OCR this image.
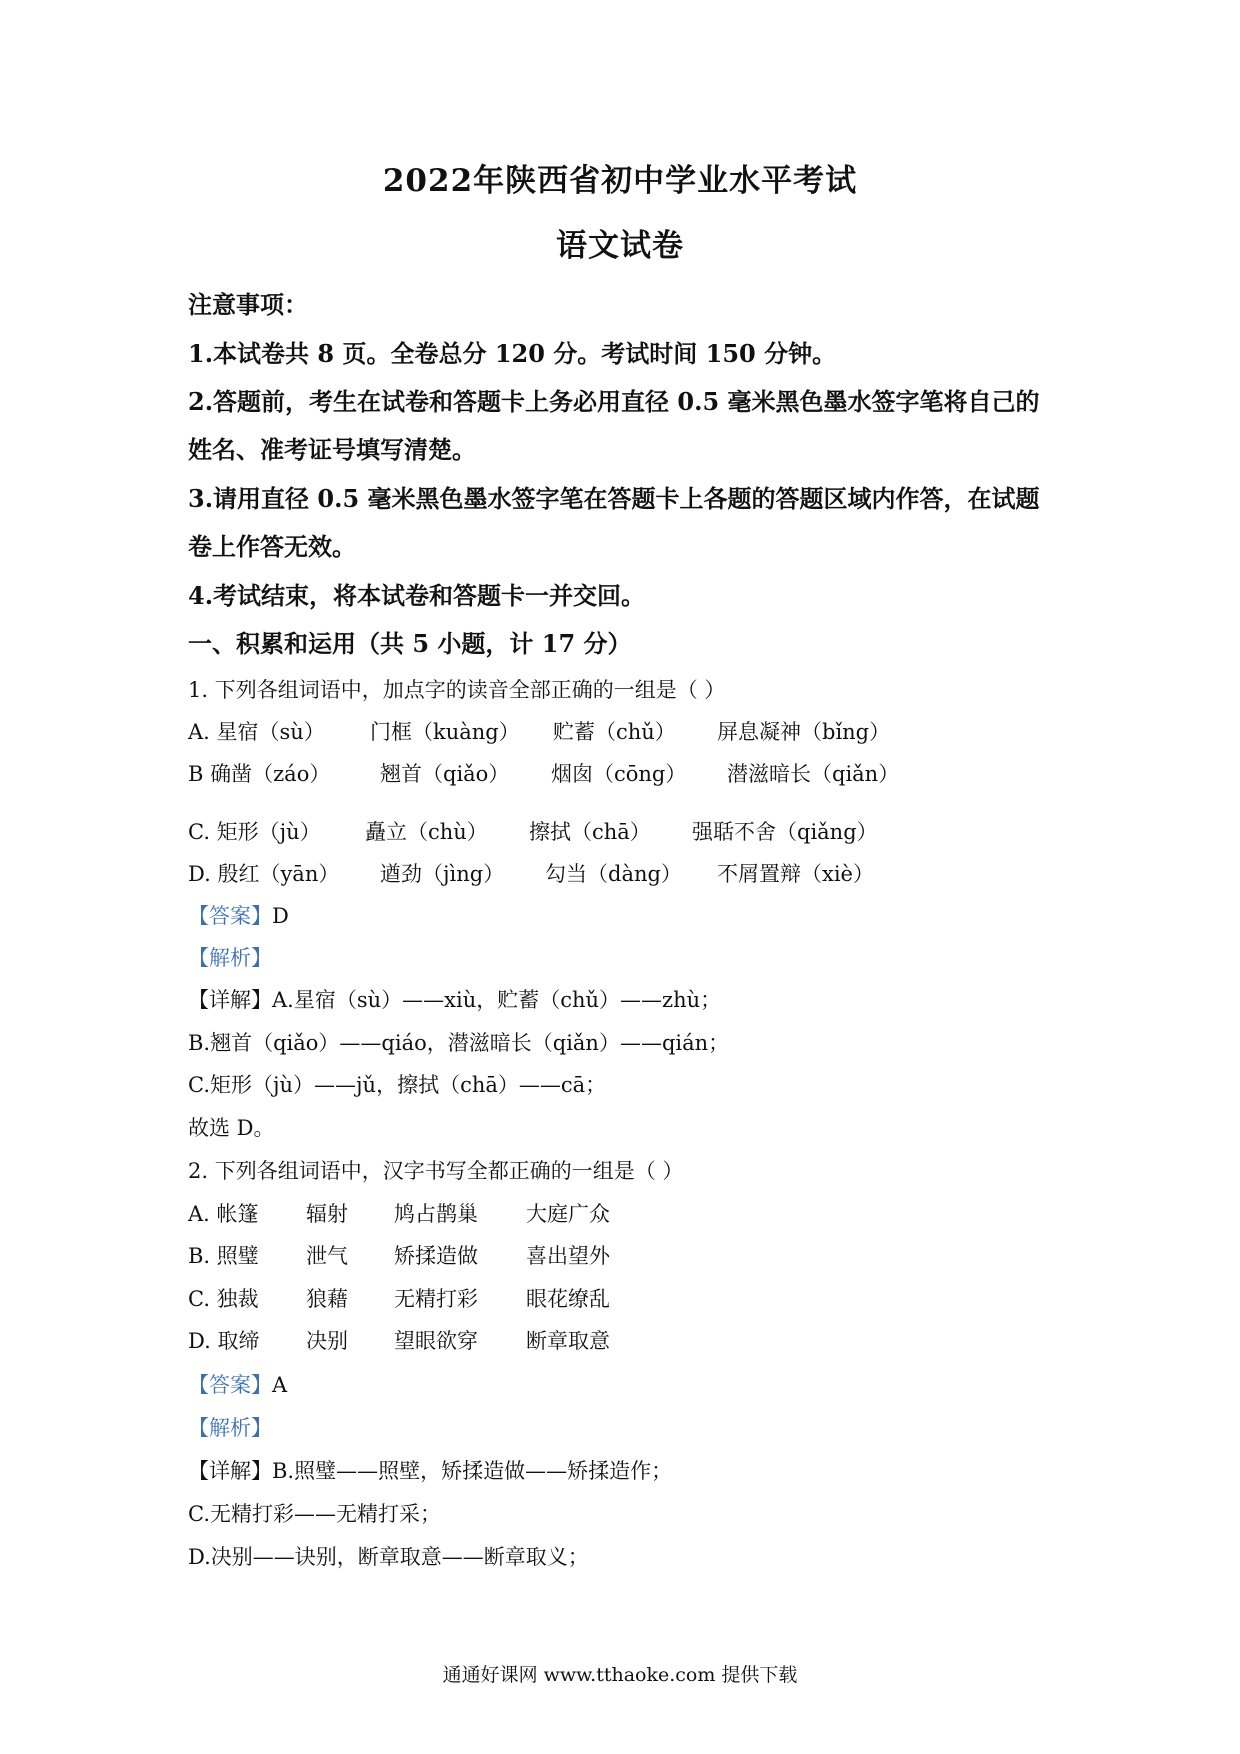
2022年陕西省初中学业水平考试
语文试卷
注意事项：
1.本试卷共 8 页。全卷总分 120 分。考试时间 150 分钟。
2.答题前，考生在试卷和答题卡上务必用直径 0.5 毫米黑色墨水签字笔将自己的
姓名、准考证号填写清楚。
3.请用直径 0.5 毫米黑色墨水签字笔在答题卡上各题的答题区域内作答，在试题
卷上作答无效。
4.考试结束，将本试卷和答题卡一并交回。
一、积累和运用（共 5 小题，计 17 分）
1. 下列各组词语中，加点字的读音全部正确的一组是（ ）
A. 星宿（sù） 门框（kuàng） 贮蓄（chǔ） 屏息凝神（bǐng）
B 确凿（záo） 翘首（qiǎo） 烟囱（cōng） 潜滋暗长（qiǎn）
C. 矩形（jù） 矗立（chù） 擦拭（chā） 强聒不舍（qiǎng）
D. 殷红（yān） 遒劲（jìng） 勾当（dàng） 不屑置辩（xiè）
【答案】D
【解析】
【详解】A.星宿（sù）——xiù，贮蓄（chǔ）——zhù；
B.翘首（qiǎo）——qiáo，潜滋暗长（qiǎn）——qián；
C.矩形（jù）——jǔ，擦拭（chā）——cā；
故选 D。
2. 下列各组词语中，汉字书写全都正确的一组是（ ）
A. 帐篷 辐射 鸠占鹊巢 大庭广众
B. 照璧 泄气 矫揉造做 喜出望外
C. 独裁 狼藉 无精打彩 眼花缭乱
D. 取缔 决别 望眼欲穿 断章取意
【答案】A
【解析】
【详解】B.照璧——照壁，矫揉造做——矫揉造作；
C.无精打彩——无精打采；
D.决别——诀别，断章取意——断章取义；
通通好课网 www.tthaoke.com 提供下载
